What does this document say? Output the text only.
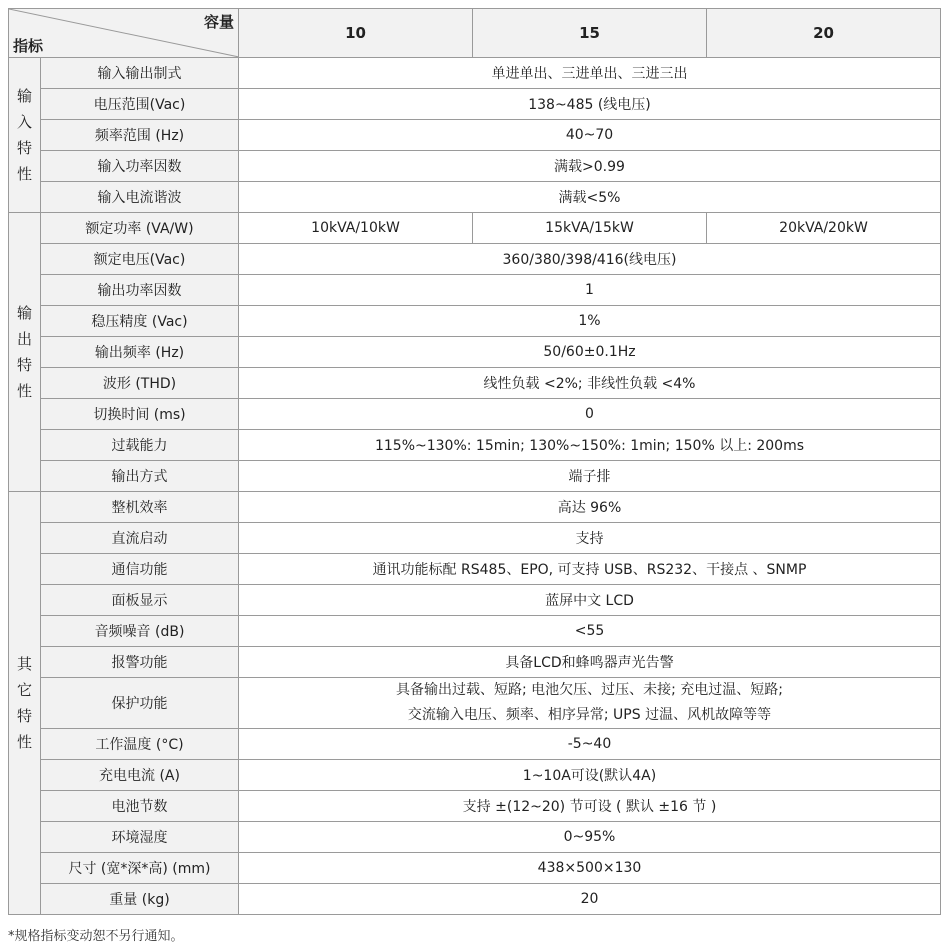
容量
指标		10	15	20

输
入
特
性	输入输出制式	单进单出、三进单出、三进三出		
	电压范围(Vac)	138~485 (线电压)		
	频率范围 (Hz)	40~70		
	输入功率因数	满载>0.99		
	输入电流谐波	满载<5%		

输
出
特
性	额定功率 (VA/W)	10kVA/10kW	15kVA/15kW	20kVA/20kW
	额定电压(Vac)	360/380/398/416(线电压)		
	输出功率因数	1		
	稳压精度 (Vac)	1%		
	输出频率 (Hz)	50/60±0.1Hz		
	波形 (THD)	线性负载 <2%; 非线性负载 <4%		
	切换时间 (ms)	0		
	过载能力	115%~130%: 15min; 130%~150%: 1min; 150% 以上: 200ms		
	输出方式	端子排		

其
它
特
性	整机效率	高达 96%		
	直流启动	支持		
	通信功能	通讯功能标配 RS485、EPO, 可支持 USB、RS232、干接点 、SNMP		
	面板显示	蓝屏中文 LCD		
	音频噪音 (dB)	<55		
	报警功能	具备LCD和蜂鸣器声光告警		
	保护功能	具备输出过载、短路; 电池欠压、过压、未接; 充电过温、短路;
交流输入电压、频率、相序异常; UPS 过温、风机故障等等		

	工作温度 (°C)	-5~40		
	充电电流 (A)	1~10A可设(默认4A)		
	电池节数	支持 ±(12~20) 节可设 ( 默认 ±16 节 )		
	环境湿度	0~95%		
	尺寸 (宽*深*高) (mm)	438×500×130		
	重量 (kg)	20		
*规格指标变动恕不另行通知。
